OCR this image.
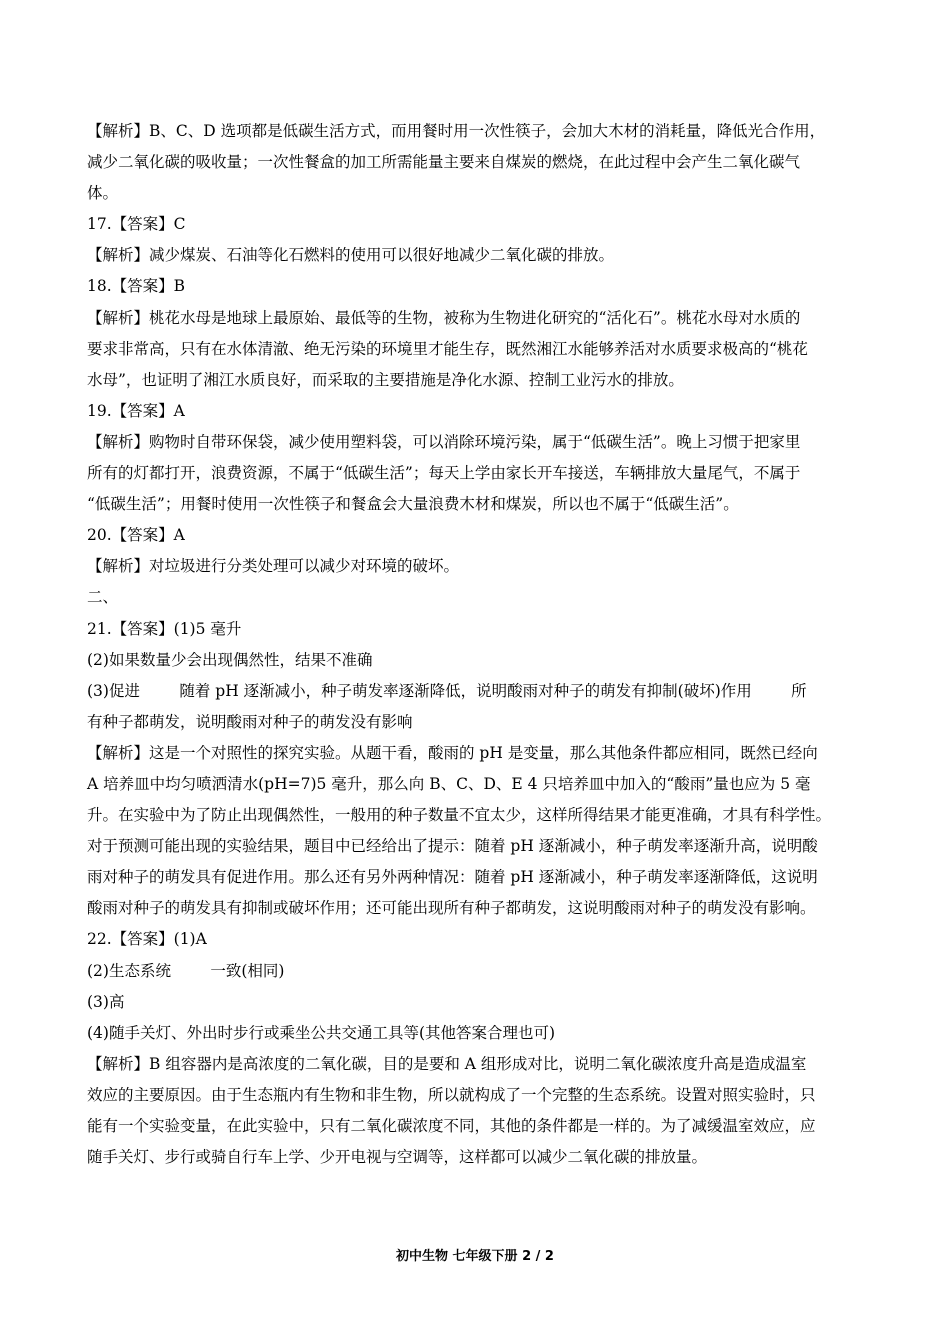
【解析】B、C、D 选项都是低碳生活方式，而用餐时用一次性筷子，会加大木材的消耗量，降低光合作用，
减少二氧化碳的吸收量；一次性餐盒的加工所需能量主要来自煤炭的燃烧，在此过程中会产生二氧化碳气
体。
17.【答案】C
【解析】减少煤炭、石油等化石燃料的使用可以很好地减少二氧化碳的排放。
18.【答案】B
【解析】桃花水母是地球上最原始、最低等的生物，被称为生物进化研究的“活化石”。桃花水母对水质的
要求非常高，只有在水体清澈、绝无污染的环境里才能生存，既然湘江水能够养活对水质要求极高的“桃花
水母”，也证明了湘江水质良好，而采取的主要措施是净化水源、控制工业污水的排放。
19.【答案】A
【解析】购物时自带环保袋，减少使用塑料袋，可以消除环境污染，属于“低碳生活”。晚上习惯于把家里
所有的灯都打开，浪费资源，不属于“低碳生活”；每天上学由家长开车接送，车辆排放大量尾气，不属于
“低碳生活”；用餐时使用一次性筷子和餐盒会大量浪费木材和煤炭，所以也不属于“低碳生活”。
20.【答案】A
【解析】对垃圾进行分类处理可以减少对环境的破坏。
二、
21.【答案】(1)5 毫升
(2)如果数量少会出现偶然性，结果不准确
(3)促进        随着 pH 逐渐减小，种子萌发率逐渐降低，说明酸雨对种子的萌发有抑制(破坏)作用        所
有种子都萌发，说明酸雨对种子的萌发没有影响
【解析】这是一个对照性的探究实验。从题干看，酸雨的 pH 是变量，那么其他条件都应相同，既然已经向
A 培养皿中均匀喷洒清水(pH=7)5 毫升，那么向 B、C、D、E 4 只培养皿中加入的“酸雨”量也应为 5 毫
升。在实验中为了防止出现偶然性，一般用的种子数量不宜太少，这样所得结果才能更准确，才具有科学性。
对于预测可能出现的实验结果，题目中已经给出了提示：随着 pH 逐渐减小，种子萌发率逐渐升高，说明酸
雨对种子的萌发具有促进作用。那么还有另外两种情况：随着 pH 逐渐减小，种子萌发率逐渐降低，这说明
酸雨对种子的萌发具有抑制或破坏作用；还可能出现所有种子都萌发，这说明酸雨对种子的萌发没有影响。
22.【答案】(1)A
(2)生态系统        一致(相同)
(3)高
(4)随手关灯、外出时步行或乘坐公共交通工具等(其他答案合理也可)
【解析】B 组容器内是高浓度的二氧化碳，目的是要和 A 组形成对比，说明二氧化碳浓度升高是造成温室
效应的主要原因。由于生态瓶内有生物和非生物，所以就构成了一个完整的生态系统。设置对照实验时，只
能有一个实验变量，在此实验中，只有二氧化碳浓度不同，其他的条件都是一样的。为了减缓温室效应，应
随手关灯、步行或骑自行车上学、少开电视与空调等，这样都可以减少二氧化碳的排放量。
初中生物 七年级下册 2 / 2
